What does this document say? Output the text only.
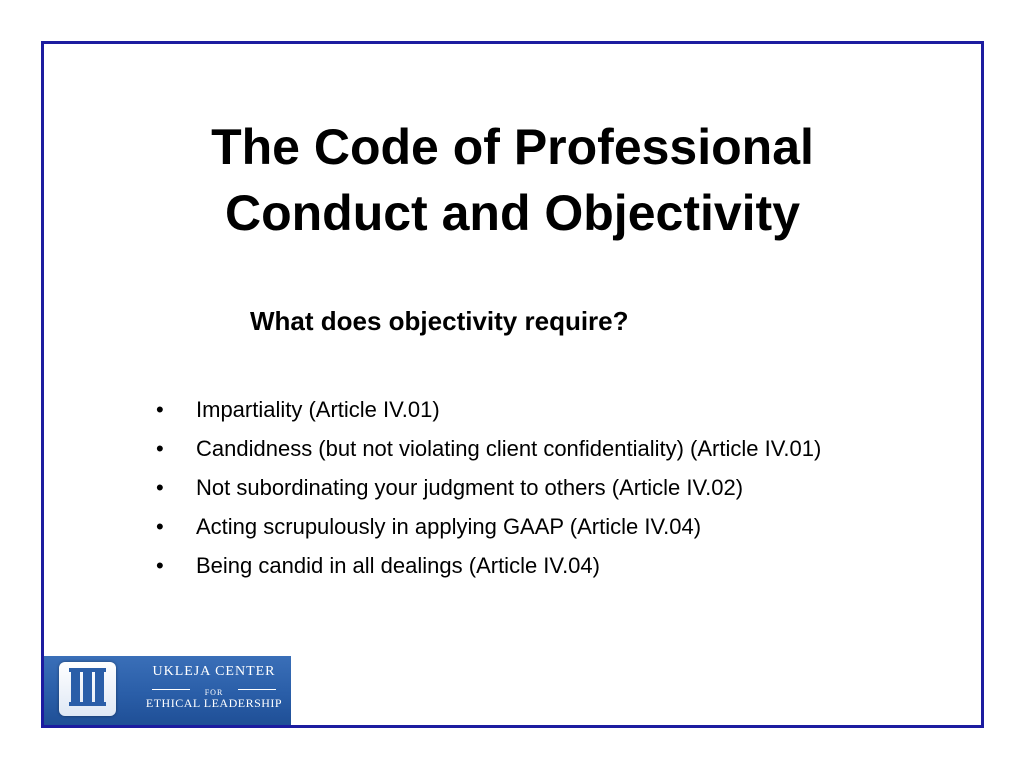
The Code of Professional
Conduct and Objectivity
What does objectivity require?
• Impartiality (Article IV.01)
• Candidness (but not violating client confidentiality) (Article IV.01)
• Not subordinating your judgment to others (Article IV.02)
• Acting scrupulously in applying GAAP (Article IV.04)
• Being candid in all dealings (Article IV.04)
UKLEJA CENTER
FOR
ETHICAL LEADERSHIP
